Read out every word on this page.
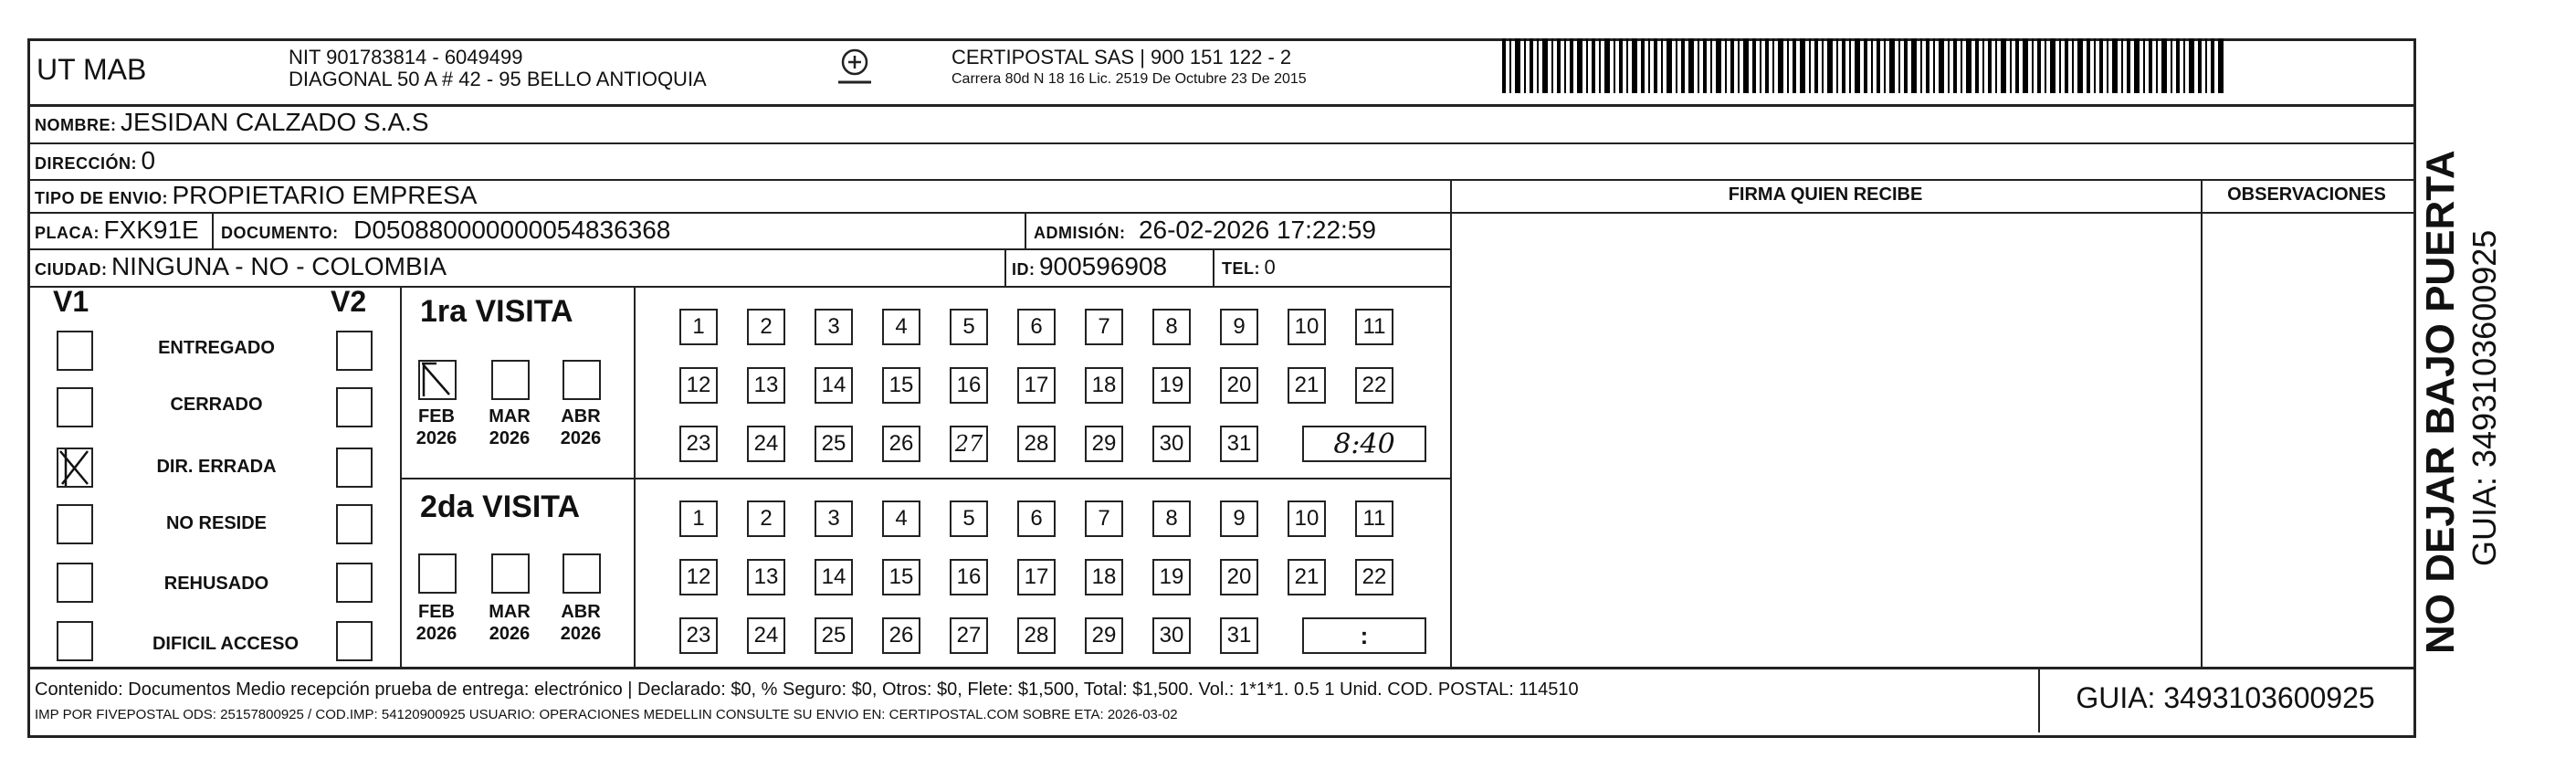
UT MAB	NIT 901783814 - 6049499
DIAGONAL 50 A # 42 - 95 BELLO ANTIOQUIA
CERTIPOSTAL SAS | 900 151 122 - 2
Carrera 80d N 18 16 Lic. 2519 De Octubre 23 De 2015
NOMBRE: JESIDAN CALZADO S.A.S
DIRECCIÓN: 0
TIPO DE ENVIO: PROPIETARIO EMPRESA
PLACA: FXK91E DOCUMENTO: D050880000000054836368	ADMISIÓN: 26-02-2026 17:22:59
CIUDAD: NINGUNA - NO - COLOMBIA	ID: 900596908	TEL: 0
FIRMA QUIEN RECIBE	OBSERVACIONES
V1	V2
ENTREGADO
CERRADO
DIR. ERRADA
NO RESIDE
REHUSADO
DIFICIL ACCESO
1ra VISITA
FEB
2026
MAR
2026
ABR
2026
2da VISITA
FEB
2026
MAR
2026
ABR
2026
1	2	3	4	5	6	7	8	9	10	11
12	13	14	15	16	17	18	19	20	21	22
23	24	25	26	27	28	29	30	31
1	2	3	4	5	6	7	8	9	10	11
12	13	14	15	16	17	18	19	20	21	22
23	24	25	26	27	28	29	30	31
8:40
:
Contenido: Documentos Medio recepción prueba de entrega: electrónico | Declarado: $0, % Seguro: $0, Otros: $0, Flete: $1,500, Total: $1,500. Vol.: 1*1*1. 0.5 1 Unid. COD. POSTAL: 114510
IMP POR FIVEPOSTAL ODS: 25157800925 / COD.IMP: 54120900925 USUARIO: OPERACIONES MEDELLIN CONSULTE SU ENVIO EN: CERTIPOSTAL.COM SOBRE ETA: 2026-03-02
GUIA: 3493103600925
NO DEJAR BAJO PUERTA GUIA: 3493103600925
